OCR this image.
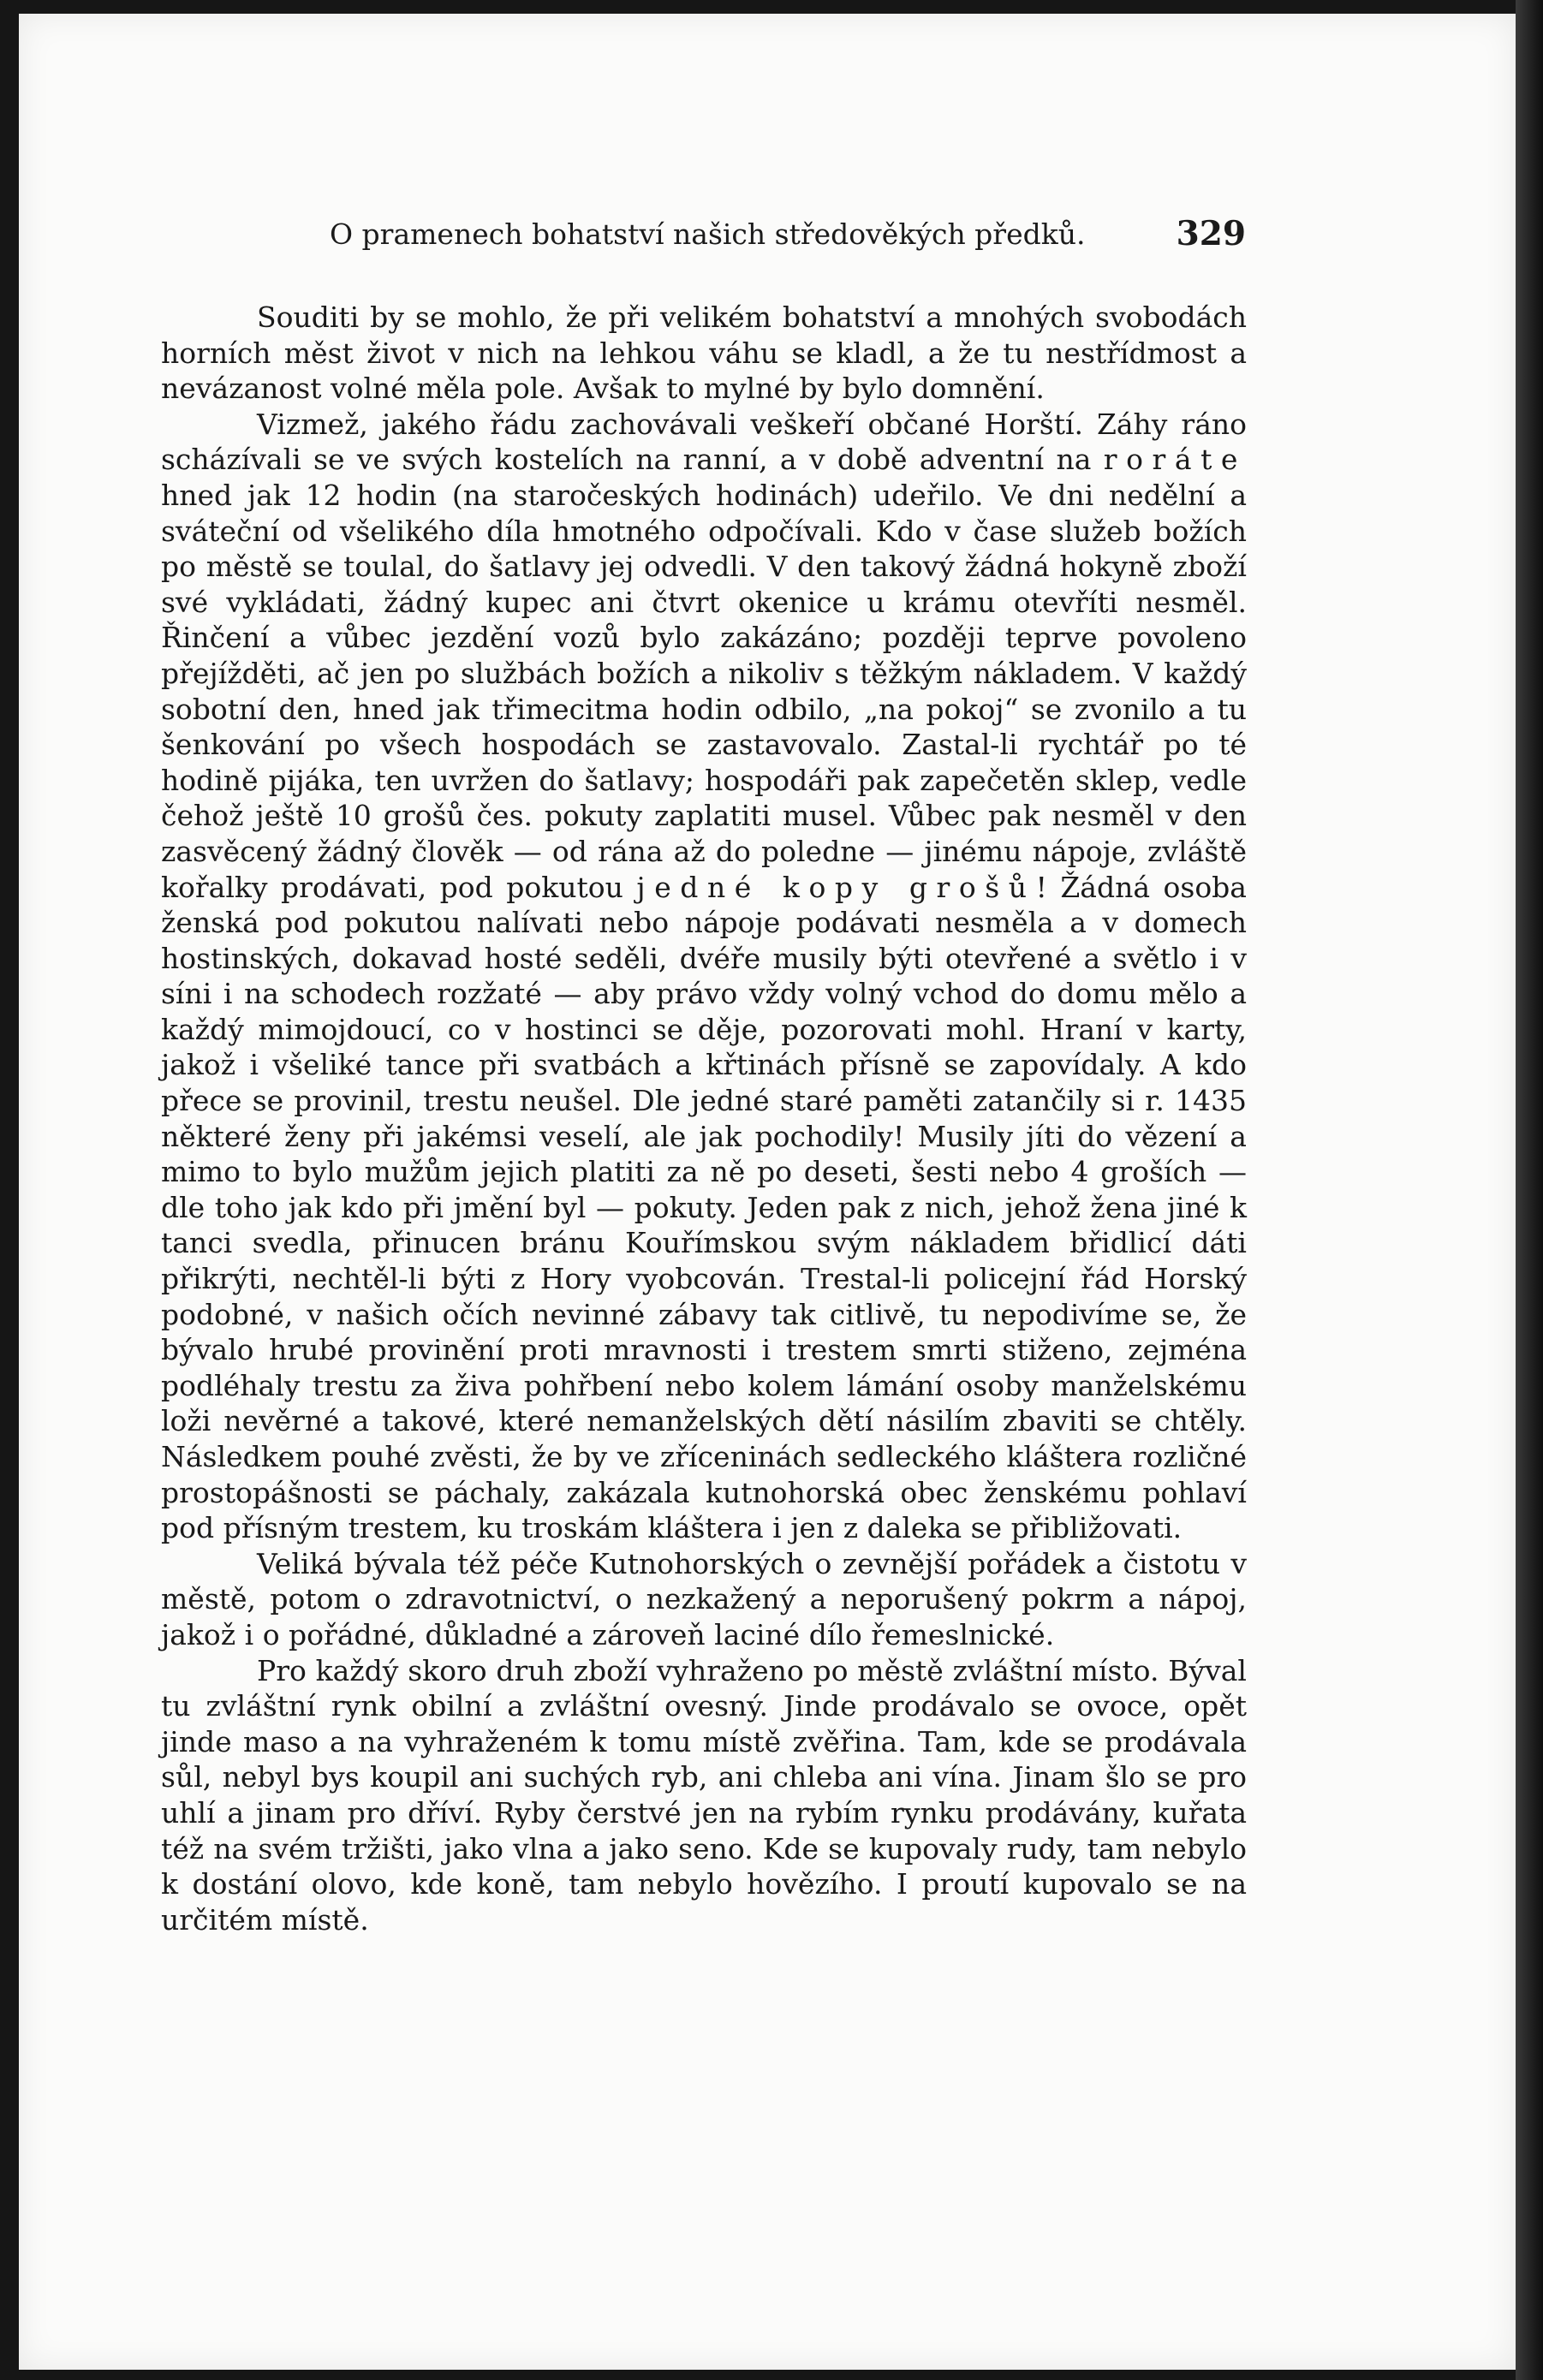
O pramenech bohatství našich středověkých předků.	329

Souditi by se mohlo, že při velikém bohatství a mnohých svobodách horních měst život v nich na lehkou váhu se kladl, a že tu nestřídmost a nevázanost volné měla pole. Avšak to mylné by bylo domnění.

Vizmež, jakého řádu zachovávali veškeří občané Horští. Záhy ráno scházívali se ve svých kostelích na ranní, a v době adventní na roráte hned jak 12 hodin (na staročeských hodinách) udeřilo. Ve dni nedělní a sváteční od všelikého díla hmotného odpočívali. Kdo v čase služeb božích po městě se toulal, do šatlavy jej odvedli. V den takový žádná hokyně zboží své vykládati, žádný kupec ani čtvrt okenice u krámu otevříti nesměl. Řinčení a vůbec jezdění vozů bylo zakázáno; později teprve povoleno přejížděti, ač jen po službách božích a nikoliv s těžkým nákladem. V každý sobotní den, hned jak třimecitma hodin odbilo, „na pokoj“ se zvonilo a tu šenkování po všech hospodách se zastavovalo. Zastal-li rychtář po té hodině pijáka, ten uvržen do šatlavy; hospodáři pak zapečetěn sklep, vedle čehož ještě 10 grošů čes. pokuty zaplatiti musel. Vůbec pak nesměl v den zasvěcený žádný člověk — od rána až do poledne — jinému nápoje, zvláště kořalky prodávati, pod pokutou jedné kopy grošů! Žádná osoba ženská pod pokutou nalívati nebo nápoje podávati nesměla a v domech hostinských, dokavad hosté seděli, dvéře musily býti otevřené a světlo i v síni i na schodech rozžaté — aby právo vždy volný vchod do domu mělo a každý mimojdoucí, co v hostinci se děje, pozorovati mohl. Hraní v karty, jakož i všeliké tance při svatbách a křtinách přísně se zapovídaly. A kdo přece se provinil, trestu neušel. Dle jedné staré paměti zatančily si r. 1435 některé ženy při jakémsi veselí, ale jak pochodily! Musily jíti do vězení a mimo to bylo mužům jejich platiti za ně po deseti, šesti nebo 4 groších — dle toho jak kdo při jmění byl — pokuty. Jeden pak z nich, jehož žena jiné k tanci svedla, přinucen bránu Kouřímskou svým nákladem břidlicí dáti přikrýti, nechtěl-li býti z Hory vyobcován. Trestal-li policejní řád Horský podobné, v našich očích nevinné zábavy tak citlivě, tu nepodivíme se, že bývalo hrubé provinění proti mravnosti i trestem smrti stiženo, zejména podléhaly trestu za živa pohřbení nebo kolem lámání osoby manželskému loži nevěrné a takové, které nemanželských dětí násilím zbaviti se chtěly. Následkem pouhé zvěsti, že by ve zříceninách sedleckého kláštera rozličné prostopášnosti se páchaly, zakázala kutnohorská obec ženskému pohlaví pod přísným trestem, ku troskám kláštera i jen z daleka se přibližovati.

Veliká bývala též péče Kutnohorských o zevnější pořádek a čistotu v městě, potom o zdravotnictví, o nezkažený a neporušený pokrm a nápoj, jakož i o pořádné, důkladné a zároveň laciné dílo řemeslnické.

Pro každý skoro druh zboží vyhraženo po městě zvláštní místo. Býval tu zvláštní rynk obilní a zvláštní ovesný. Jinde prodávalo se ovoce, opět jinde maso a na vyhraženém k tomu místě zvěřina. Tam, kde se prodávala sůl, nebyl bys koupil ani suchých ryb, ani chleba ani vína. Jinam šlo se pro uhlí a jinam pro dříví. Ryby čerstvé jen na rybím rynku prodávány, kuřata též na svém tržišti, jako vlna a jako seno. Kde se kupovaly rudy, tam nebylo k dostání olovo, kde koně, tam nebylo hovězího. I proutí kupovalo se na určitém místě.
